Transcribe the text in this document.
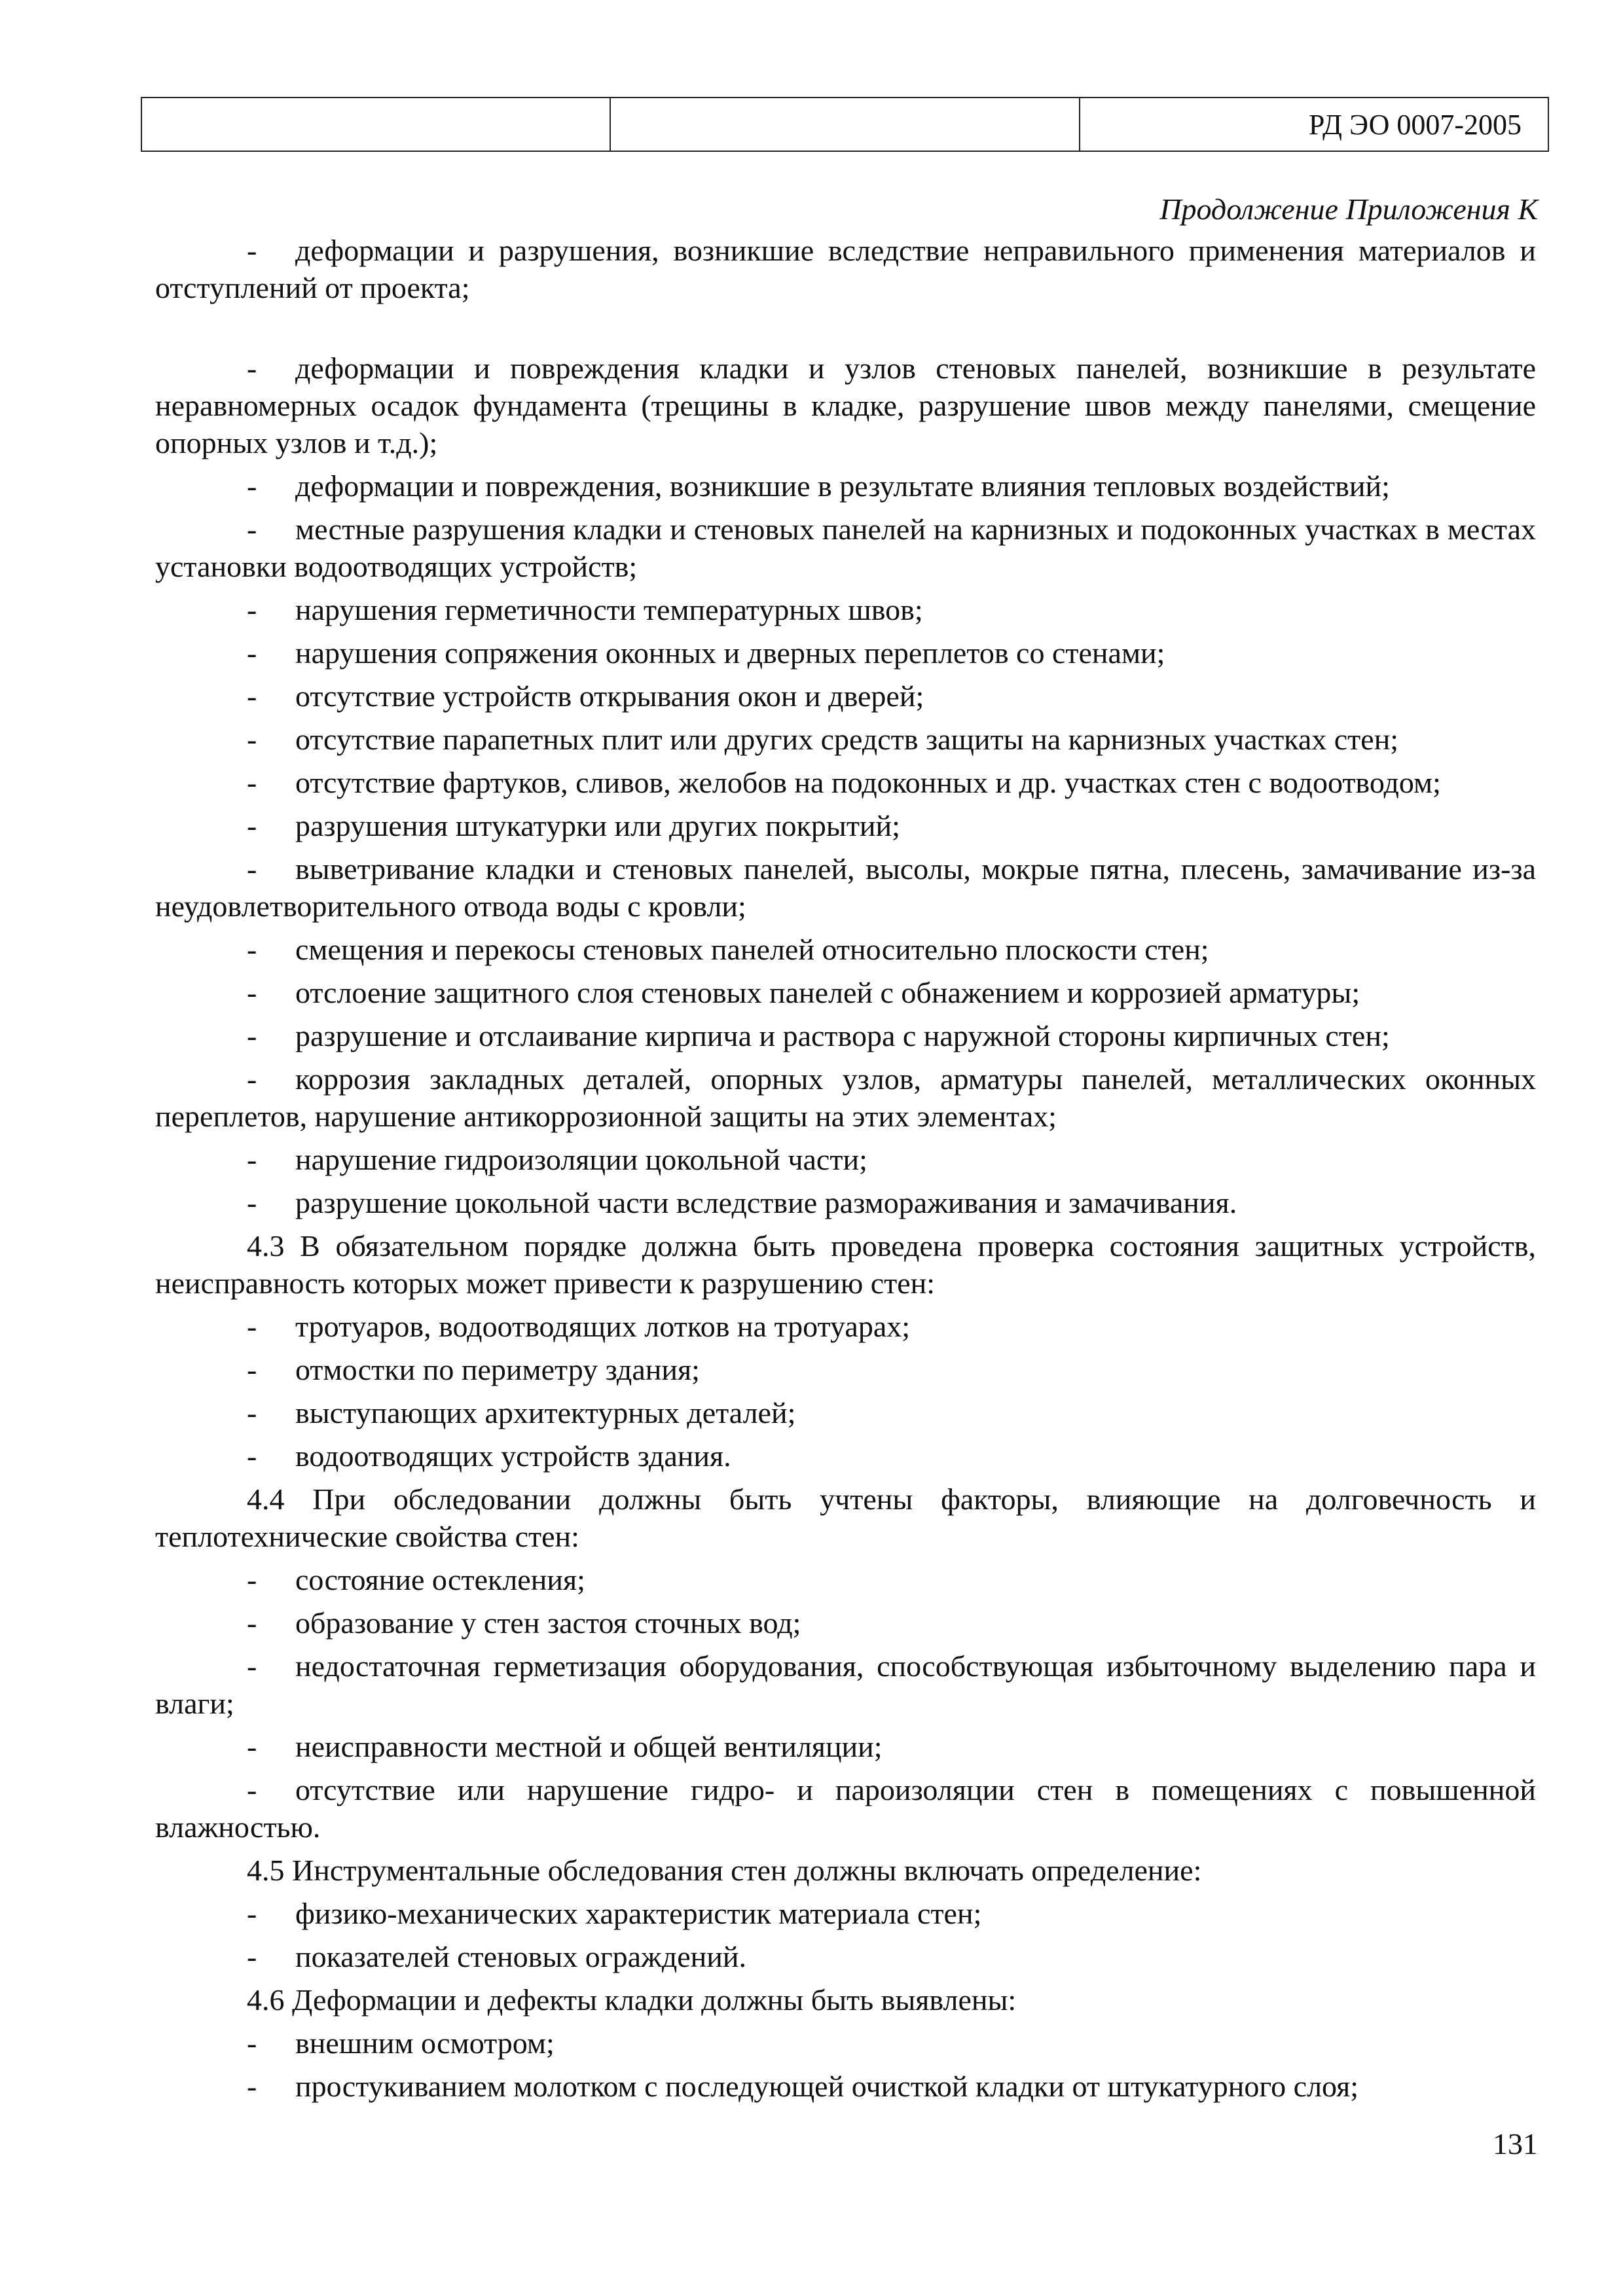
		РД ЭО 0007-2005
Продолжение Приложения К
- деформации и разрушения, возникшие вследствие неправильного применения материалов и отступлений от проекта;
- деформации и повреждения кладки и узлов стеновых панелей, возникшие в результате неравномерных осадок фундамента (трещины в кладке, разрушение швов между панелями, смещение опорных узлов и т.д.);
- деформации и повреждения, возникшие в результате влияния тепловых воздействий;
- местные разрушения кладки и стеновых панелей на карнизных и подоконных участках в местах установки водоотводящих устройств;
- нарушения герметичности температурных швов;
- нарушения сопряжения оконных и дверных переплетов со стенами;
- отсутствие устройств открывания окон и дверей;
- отсутствие парапетных плит или других средств защиты на карнизных участках стен;
- отсутствие фартуков, сливов, желобов на подоконных и др. участках стен с водоотводом;
- разрушения штукатурки или других покрытий;
- выветривание кладки и стеновых панелей, высолы, мокрые пятна, плесень, замачивание из-за неудовлетворительного отвода воды с кровли;
- смещения и перекосы стеновых панелей относительно плоскости стен;
- отслоение защитного слоя стеновых панелей с обнажением и коррозией арматуры;
- разрушение и отслаивание кирпича и раствора с наружной стороны кирпичных стен;
- коррозия закладных деталей, опорных узлов, арматуры панелей, металлических оконных переплетов, нарушение антикоррозионной защиты на этих элементах;
- нарушение гидроизоляции цокольной части;
- разрушение цокольной части вследствие размораживания и замачивания.
4.3 В обязательном порядке должна быть проведена проверка состояния защитных устройств, неисправность которых может привести к разрушению стен:
- тротуаров, водоотводящих лотков на тротуарах;
- отмостки по периметру здания;
- выступающих архитектурных деталей;
- водоотводящих устройств здания.
4.4 При обследовании должны быть учтены факторы, влияющие на долговечность и теплотехнические свойства стен:
- состояние остекления;
- образование у стен застоя сточных вод;
- недостаточная герметизация оборудования, способствующая избыточному выделению пара и влаги;
- неисправности местной и общей вентиляции;
- отсутствие или нарушение гидро- и пароизоляции стен в помещениях с повышенной влажностью.
4.5 Инструментальные обследования стен должны включать определение:
- физико-механических характеристик материала стен;
- показателей стеновых ограждений.
4.6 Деформации и дефекты кладки должны быть выявлены:
- внешним осмотром;
- простукиванием молотком с последующей очисткой кладки от штукатурного слоя;
131
